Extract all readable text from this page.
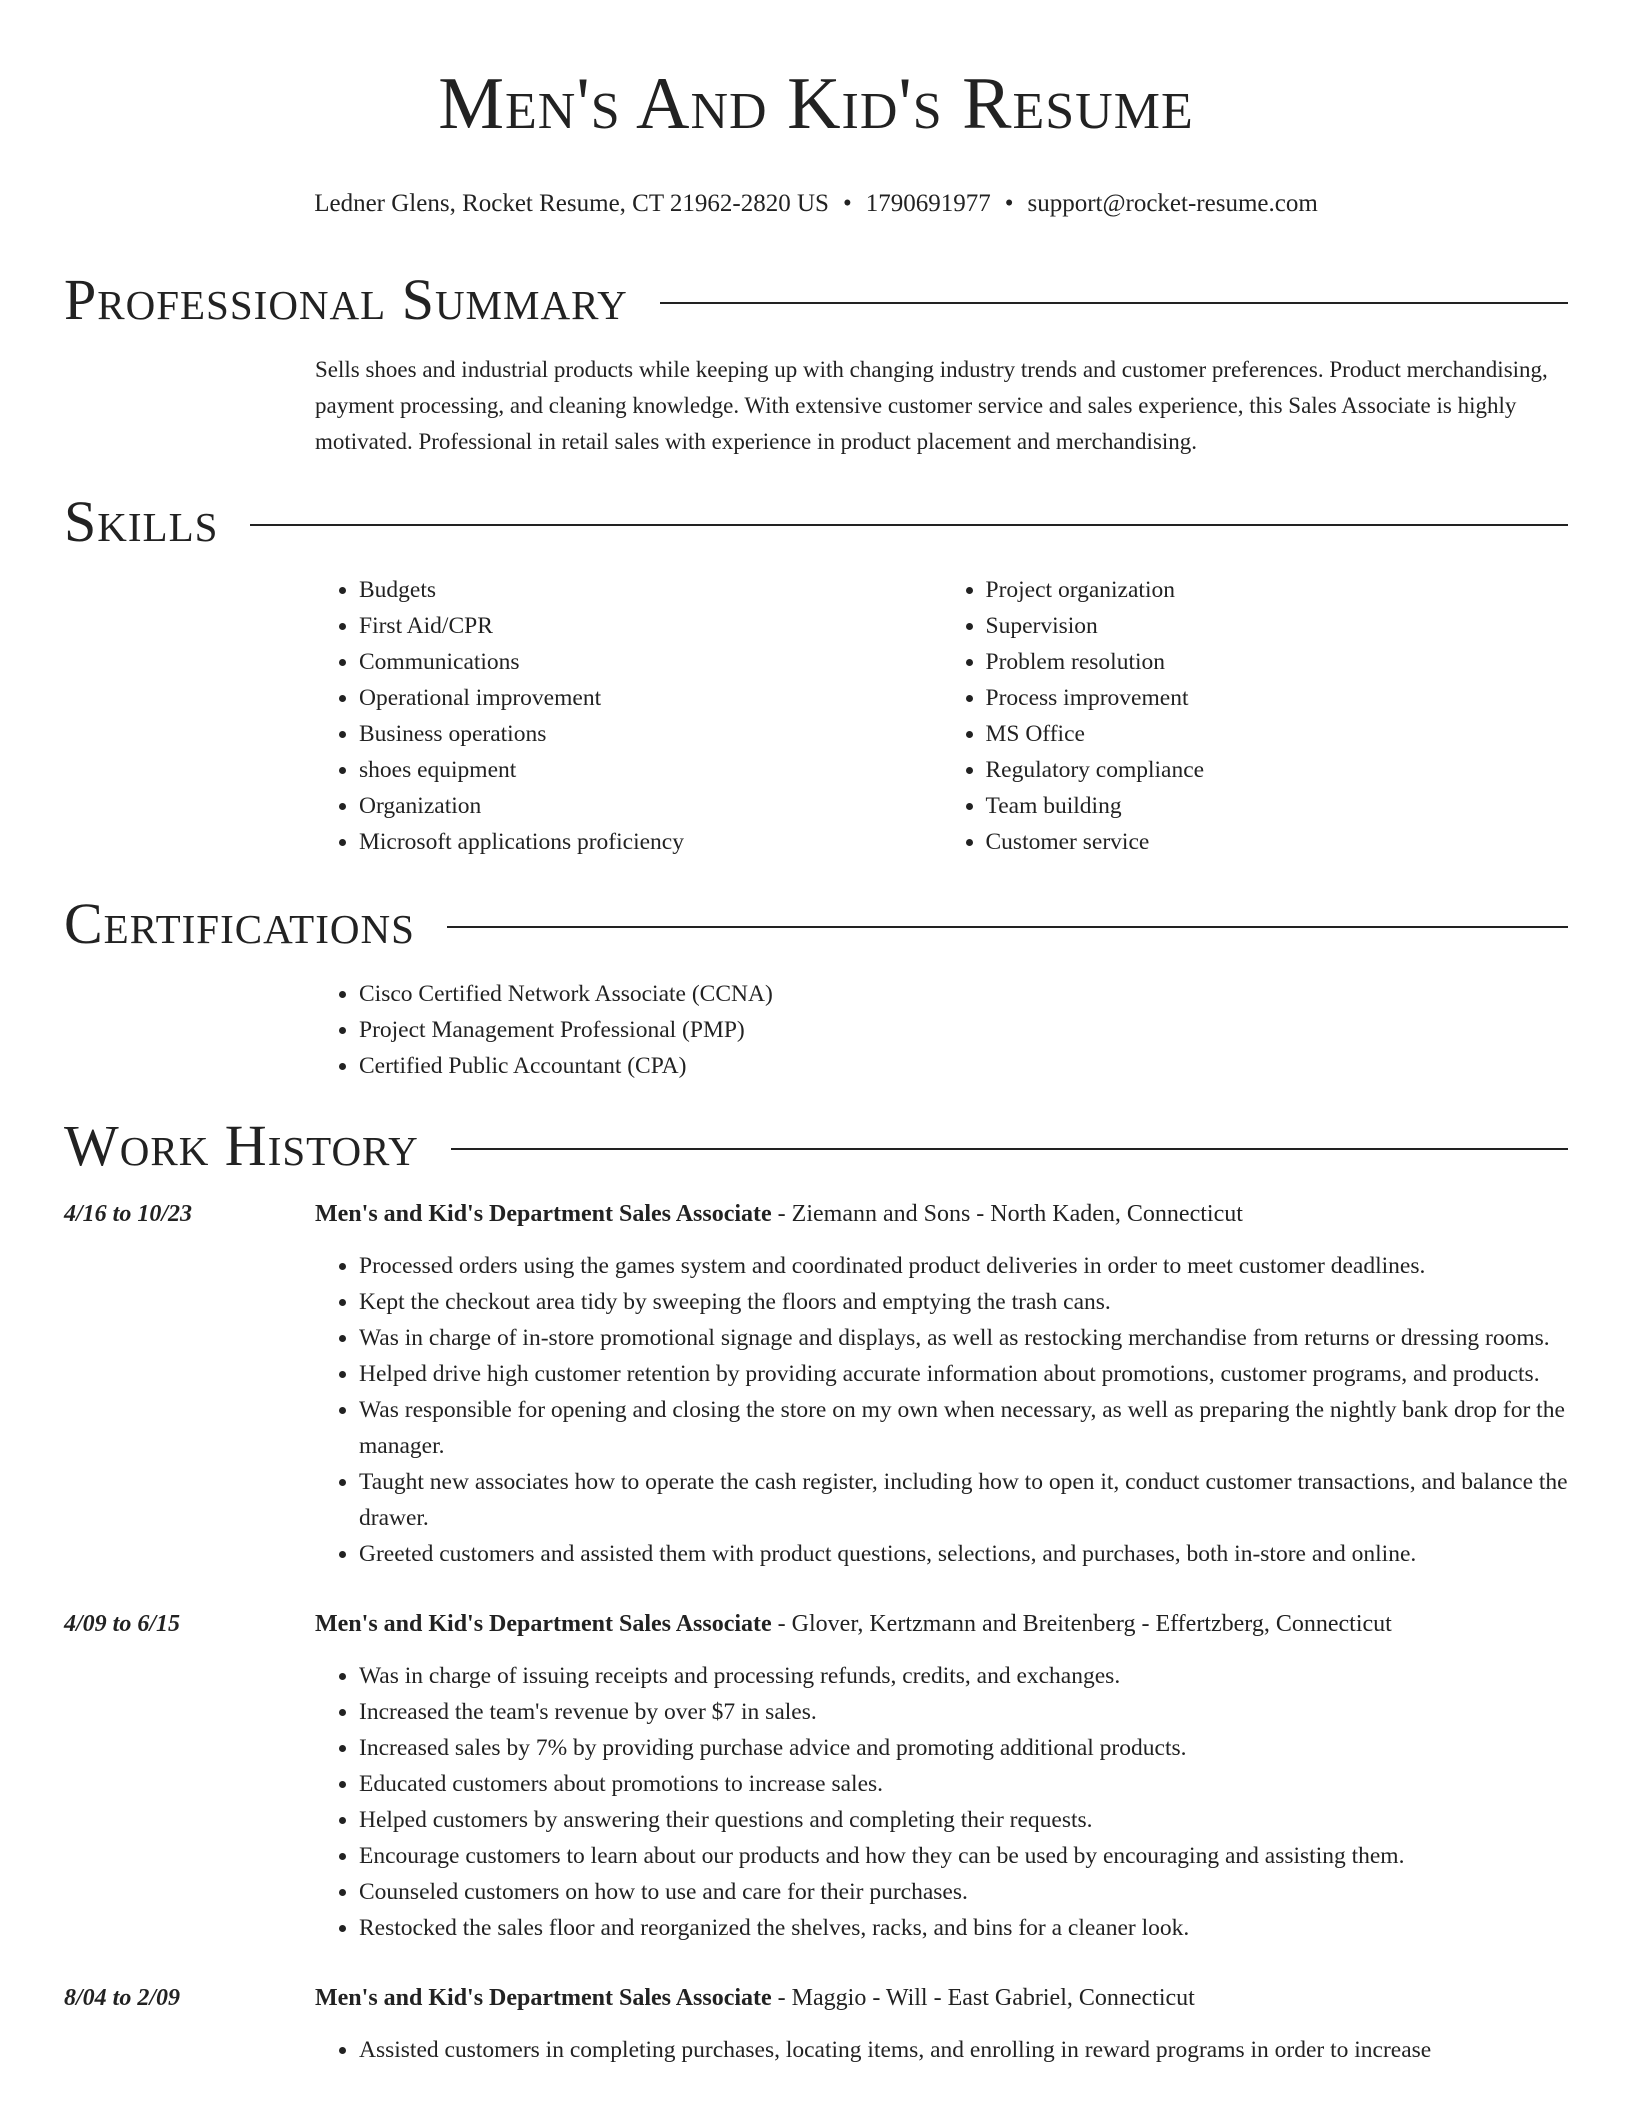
Men's And Kid's Resume
Ledner Glens, Rocket Resume, CT 21962-2820 US • 1790691977 • support@rocket-resume.com
Professional Summary

Sells shoes and industrial products while keeping up with changing industry trends and customer preferences. Product merchandising, payment processing, and cleaning knowledge. With extensive customer service and sales experience, this Sales Associate is highly motivated. Professional in retail sales with experience in product placement and merchandising.

Skills
• Budgets
• First Aid/CPR
• Communications
• Operational improvement
• Business operations
• shoes equipment
• Organization
• Microsoft applications proficiency
• Project organization
• Supervision
• Problem resolution
• Process improvement
• MS Office
• Regulatory compliance
• Team building
• Customer service
Certifications
• Cisco Certified Network Associate (CCNA)
• Project Management Professional (PMP)
• Certified Public Accountant (CPA)
Work History
4/16 to 10/23	Men's and Kid's Department Sales Associate - Ziemann and Sons - North Kaden, Connecticut
• Processed orders using the games system and coordinated product deliveries in order to meet customer deadlines.
• Kept the checkout area tidy by sweeping the floors and emptying the trash cans.
• Was in charge of in-store promotional signage and displays, as well as restocking merchandise from returns or dressing rooms.
• Helped drive high customer retention by providing accurate information about promotions, customer programs, and products.
• Was responsible for opening and closing the store on my own when necessary, as well as preparing the nightly bank drop for the manager.
• Taught new associates how to operate the cash register, including how to open it, conduct customer transactions, and balance the drawer.
• Greeted customers and assisted them with product questions, selections, and purchases, both in-store and online.
4/09 to 6/15	Men's and Kid's Department Sales Associate - Glover, Kertzmann and Breitenberg - Effertzberg, Connecticut
• Was in charge of issuing receipts and processing refunds, credits, and exchanges.
• Increased the team's revenue by over $7 in sales.
• Increased sales by 7% by providing purchase advice and promoting additional products.
• Educated customers about promotions to increase sales.
• Helped customers by answering their questions and completing their requests.
• Encourage customers to learn about our products and how they can be used by encouraging and assisting them.
• Counseled customers on how to use and care for their purchases.
• Restocked the sales floor and reorganized the shelves, racks, and bins for a cleaner look.
8/04 to 2/09	Men's and Kid's Department Sales Associate - Maggio - Will - East Gabriel, Connecticut
• Assisted customers in completing purchases, locating items, and enrolling in reward programs in order to increase
